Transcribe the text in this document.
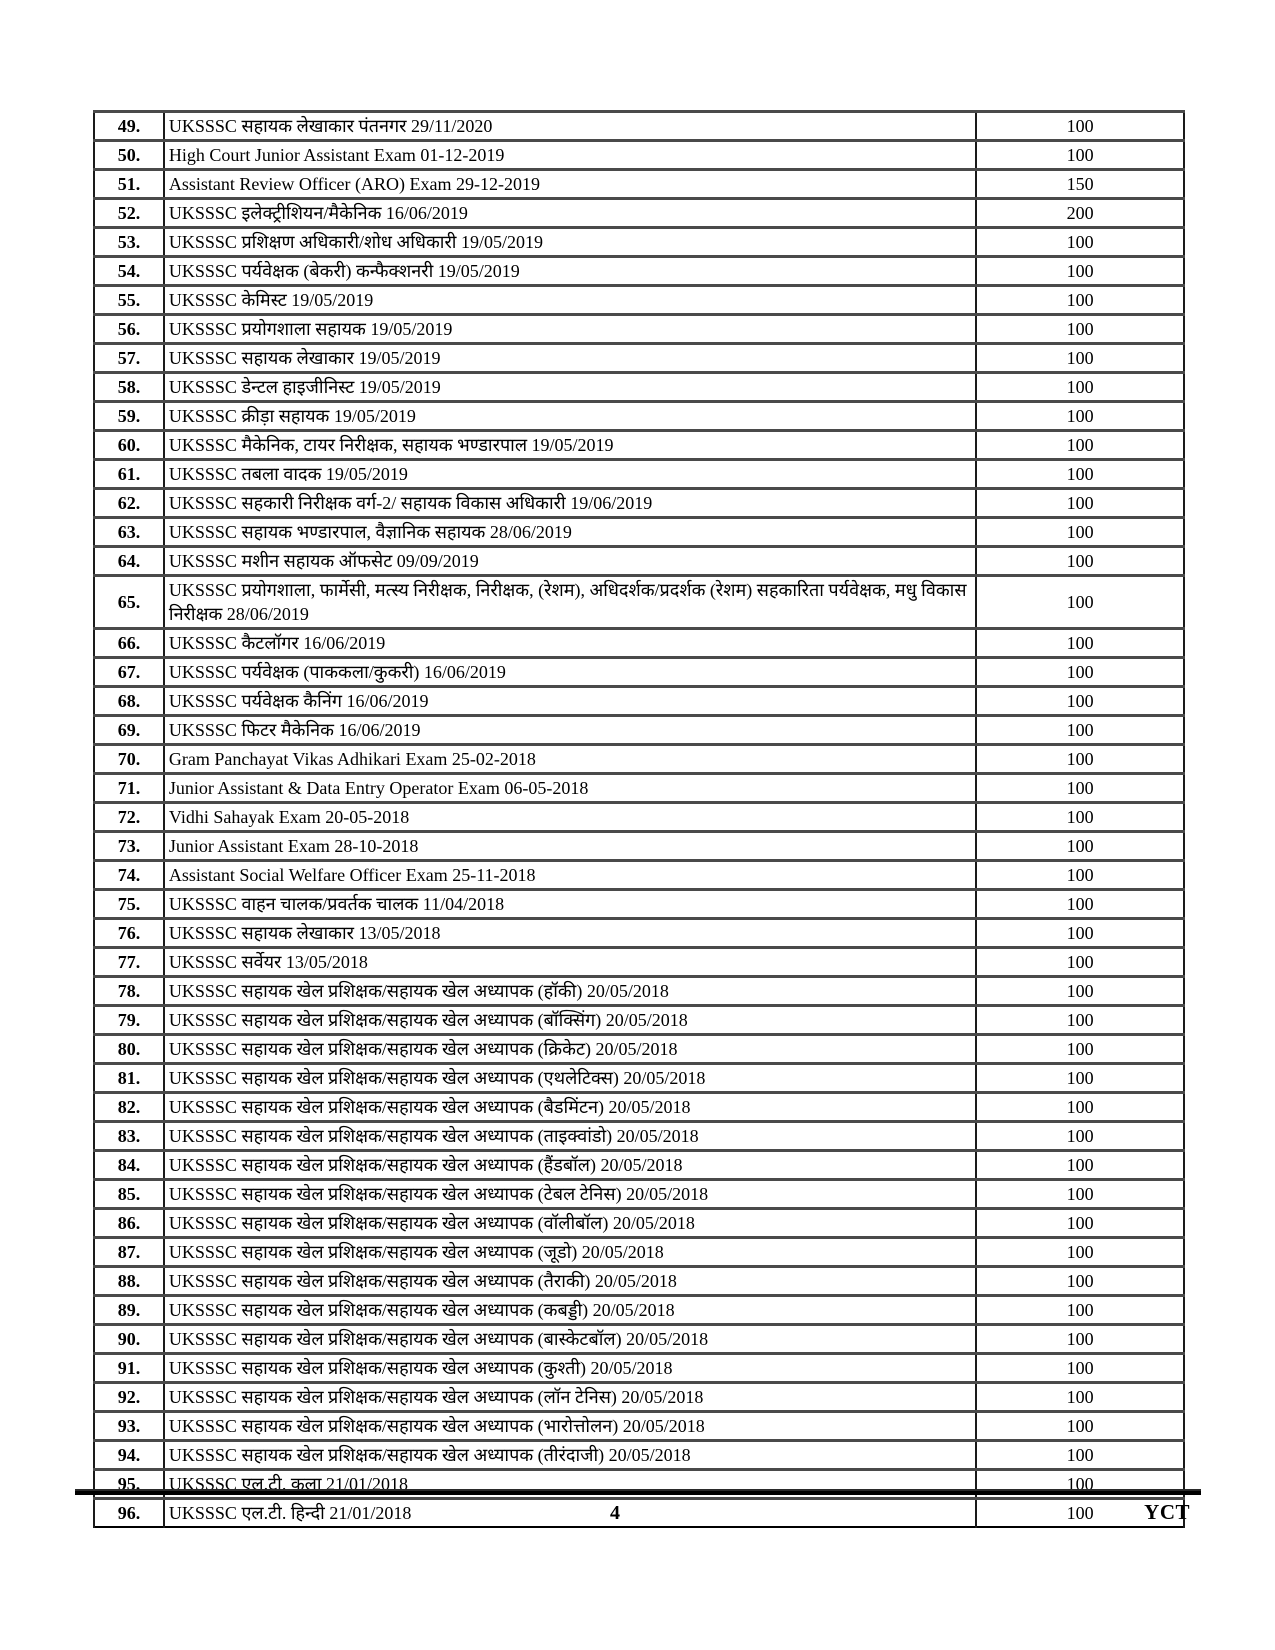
49.	UKSSSC सहायक लेखाकार पंतनगर 29/11/2020	100
50.	High Court Junior Assistant Exam 01-12-2019	100
51.	Assistant Review Officer (ARO) Exam 29-12-2019	150
52.	UKSSSC इलेक्ट्रीशियन/मैकेनिक 16/06/2019	200
53.	UKSSSC प्रशिक्षण अधिकारी/शोध अधिकारी 19/05/2019	100
54.	UKSSSC पर्यवेक्षक (बेकरी) कन्फैक्शनरी 19/05/2019	100
55.	UKSSSC केमिस्ट 19/05/2019	100
56.	UKSSSC प्रयोगशाला सहायक 19/05/2019	100
57.	UKSSSC सहायक लेखाकार 19/05/2019	100
58.	UKSSSC डेन्टल हाइजीनिस्ट 19/05/2019	100
59.	UKSSSC क्रीड़ा सहायक 19/05/2019	100
60.	UKSSSC मैकेनिक, टायर निरीक्षक, सहायक भण्डारपाल 19/05/2019	100
61.	UKSSSC तबला वादक 19/05/2019	100
62.	UKSSSC सहकारी निरीक्षक वर्ग-2/ सहायक विकास अधिकारी 19/06/2019	100
63.	UKSSSC सहायक भण्डारपाल, वैज्ञानिक सहायक 28/06/2019	100
64.	UKSSSC मशीन सहायक ऑफसेट 09/09/2019	100
65.	UKSSSC प्रयोगशाला, फार्मेसी, मत्स्य निरीक्षक, निरीक्षक, (रेशम), अधिदर्शक/प्रदर्शक (रेशम) सहकारिता पर्यवेक्षक, मधु विकास निरीक्षक 28/06/2019	100
66.	UKSSSC कैटलॉगर 16/06/2019	100
67.	UKSSSC पर्यवेक्षक (पाककला/कुकरी) 16/06/2019	100
68.	UKSSSC पर्यवेक्षक कैनिंग 16/06/2019	100
69.	UKSSSC फिटर मैकेनिक 16/06/2019	100
70.	Gram Panchayat Vikas Adhikari Exam 25-02-2018	100
71.	Junior Assistant & Data Entry Operator Exam 06-05-2018	100
72.	Vidhi Sahayak Exam 20-05-2018	100
73.	Junior Assistant Exam 28-10-2018	100
74.	Assistant Social Welfare Officer Exam 25-11-2018	100
75.	UKSSSC वाहन चालक/प्रवर्तक चालक 11/04/2018	100
76.	UKSSSC सहायक लेखाकार 13/05/2018	100
77.	UKSSSC सर्वेयर 13/05/2018	100
78.	UKSSSC सहायक खेल प्रशिक्षक/सहायक खेल अध्यापक (हॉकी) 20/05/2018	100
79.	UKSSSC सहायक खेल प्रशिक्षक/सहायक खेल अध्यापक (बॉक्सिंग) 20/05/2018	100
80.	UKSSSC सहायक खेल प्रशिक्षक/सहायक खेल अध्यापक (क्रिकेट) 20/05/2018	100
81.	UKSSSC सहायक खेल प्रशिक्षक/सहायक खेल अध्यापक (एथलेटिक्स) 20/05/2018	100
82.	UKSSSC सहायक खेल प्रशिक्षक/सहायक खेल अध्यापक (बैडमिंटन) 20/05/2018	100
83.	UKSSSC सहायक खेल प्रशिक्षक/सहायक खेल अध्यापक (ताइक्वांडो) 20/05/2018	100
84.	UKSSSC सहायक खेल प्रशिक्षक/सहायक खेल अध्यापक (हैंडबॉल) 20/05/2018	100
85.	UKSSSC सहायक खेल प्रशिक्षक/सहायक खेल अध्यापक (टेबल टेनिस) 20/05/2018	100
86.	UKSSSC सहायक खेल प्रशिक्षक/सहायक खेल अध्यापक (वॉलीबॉल) 20/05/2018	100
87.	UKSSSC सहायक खेल प्रशिक्षक/सहायक खेल अध्यापक (जूडो) 20/05/2018	100
88.	UKSSSC सहायक खेल प्रशिक्षक/सहायक खेल अध्यापक (तैराकी) 20/05/2018	100
89.	UKSSSC सहायक खेल प्रशिक्षक/सहायक खेल अध्यापक (कबड्डी) 20/05/2018	100
90.	UKSSSC सहायक खेल प्रशिक्षक/सहायक खेल अध्यापक (बास्केटबॉल) 20/05/2018	100
91.	UKSSSC सहायक खेल प्रशिक्षक/सहायक खेल अध्यापक (कुश्ती) 20/05/2018	100
92.	UKSSSC सहायक खेल प्रशिक्षक/सहायक खेल अध्यापक (लॉन टेनिस) 20/05/2018	100
93.	UKSSSC सहायक खेल प्रशिक्षक/सहायक खेल अध्यापक (भारोत्तोलन) 20/05/2018	100
94.	UKSSSC सहायक खेल प्रशिक्षक/सहायक खेल अध्यापक (तीरंदाजी) 20/05/2018	100
95.	UKSSSC एल.टी. कला 21/01/2018	100
96.	UKSSSC एल.टी. हिन्दी 21/01/2018	100
4	YCT
